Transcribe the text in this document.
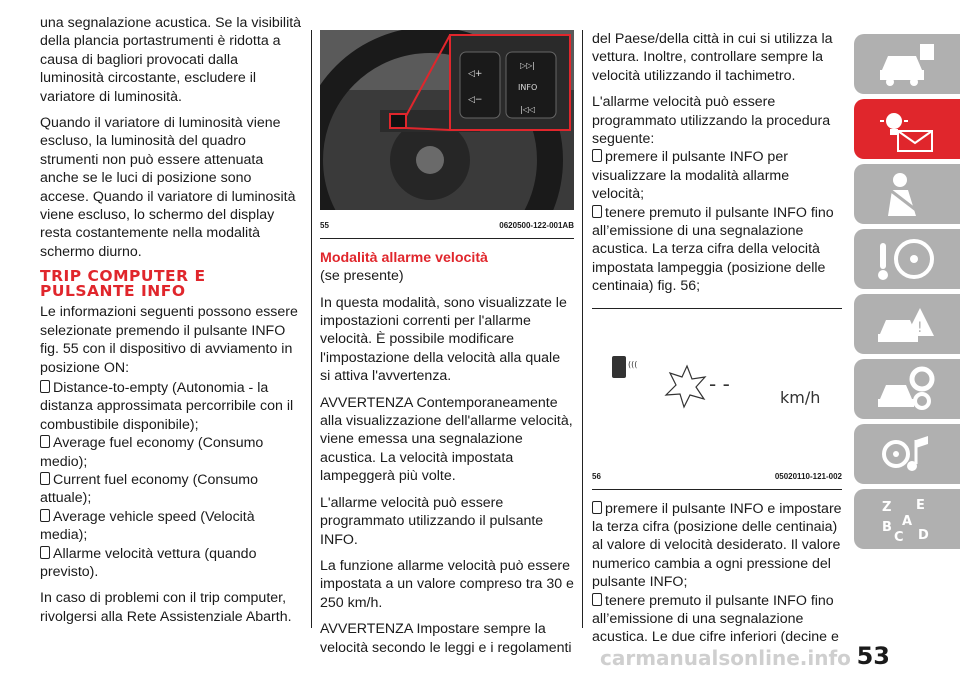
una segnalazione acustica. Se la visibilità della plancia portastrumenti è ridotta a causa di bagliori provocati dalla luminosità circostante, escludere il variatore di luminosità.

Quando il variatore di luminosità viene escluso, la luminosità del quadro strumenti non può essere attenuata anche se le luci di posizione sono accese. Quando il variatore di luminosità viene escluso, lo schermo del display resta costantemente nella modalità schermo diurno.

TRIP COMPUTER E PULSANTE INFO

Le informazioni seguenti possono essere selezionate premendo il pulsante INFO fig. 55 con il dispositivo di avviamento in posizione ON:

Distance-to-empty (Autonomia - la distanza approssimata percorribile con il combustibile disponibile);
Average fuel economy (Consumo medio);
Current fuel economy (Consumo attuale);
Average vehicle speed (Velocità media);
Allarme velocità vettura (quando previsto).

In caso di problemi con il trip computer, rivolgersi alla Rete Assistenziale Abarth.

◁+
◁−
▷▷|
INFO
|◁◁
55	0620500-122-001AB
Modalità allarme velocità

(se presente)

In questa modalità, sono visualizzate le impostazioni correnti per l'allarme velocità. È possibile modificare l'impostazione della velocità alla quale si attiva l'avvertenza.

AVVERTENZA Contemporaneamente alla visualizzazione dell'allarme velocità, viene emessa una segnalazione acustica. La velocità impostata lampeggerà più volte.

L'allarme velocità può essere programmato utilizzando il pulsante INFO.

La funzione allarme velocità può essere impostata a un valore compreso tra 30 e 250 km/h.

AVVERTENZA Impostare sempre la velocità secondo le leggi e i regolamenti

del Paese/della città in cui si utilizza la vettura. Inoltre, controllare sempre la velocità utilizzando il tachimetro.

L'allarme velocità può essere programmato utilizzando la procedura seguente:

premere il pulsante INFO per visualizzare la modalità allarme velocità;
tenere premuto il pulsante INFO fino all’emissione di una segnalazione acustica. La terza cifra della velocità impostata lampeggia (posizione delle centinaia) fig. 56;
(((
- -
km/h
56	05020110-121-002
premere il pulsante INFO e impostare la terza cifra (posizione delle centinaia) al valore di velocità desiderato. Il valore numerico cambia a ogni pressione del pulsante INFO;
tenere premuto il pulsante INFO fino all’emissione di una segnalazione acustica. Le due cifre inferiori (decine e
!
Z E
A
B
C D
carmanualsonline.info 53
